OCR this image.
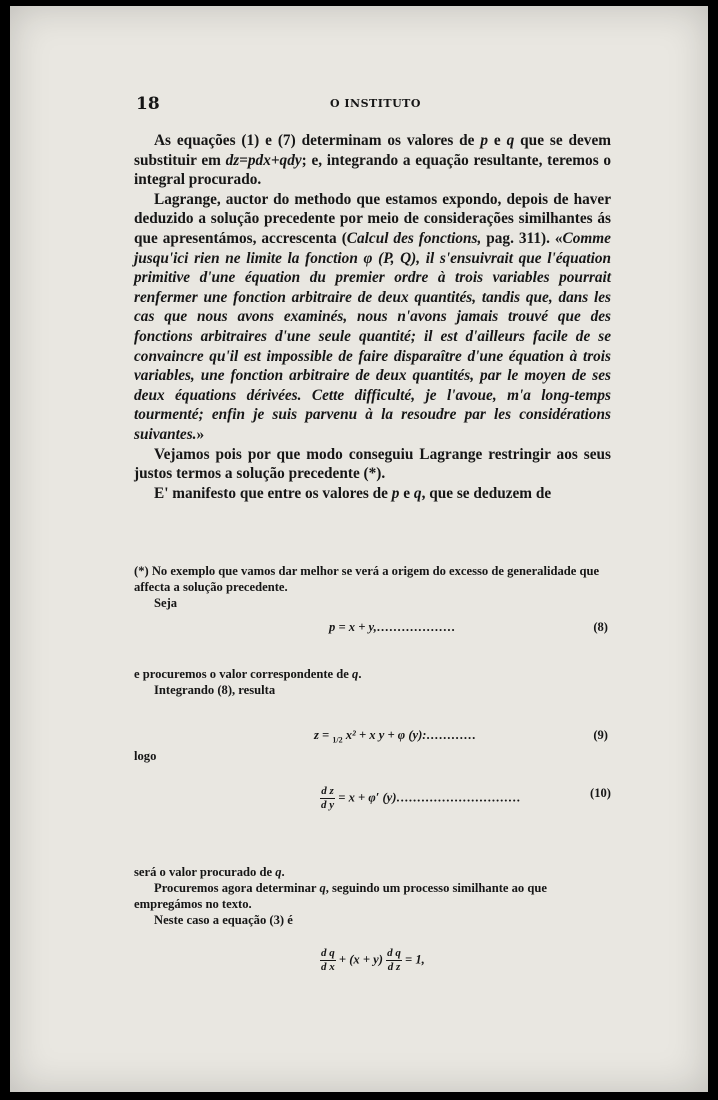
18	O INSTITUTO

As equações (1) e (7) determinam os valores de p e q que se devem substituir em dz=pdx+qdy; e, integrando a equação resultante, teremos o integral procurado.

Lagrange, auctor do methodo que estamos expondo, depois de haver deduzido a solução precedente por meio de considerações similhantes ás que apresentámos, accrescenta (Calcul des fonctions, pag. 311). «Comme jusqu'ici rien ne limite la fonction φ (P, Q), il s'ensuivrait que l'équation primitive d'une équation du premier ordre à trois variables pourrait renfermer une fonction arbitraire de deux quantités, tandis que, dans les cas que nous avons examinés, nous n'avons jamais trouvé que des fonctions arbitraires d'une seule quantité; il est d'ailleurs facile de se convaincre qu'il est impossible de faire disparaître d'une équation à trois variables, une fonction arbitraire de deux quantités, par le moyen de ses deux équations dérivées. Cette difficulté, je l'avoue, m'a long-temps tourmenté; enfin je suis parvenu à la resoudre par les considérations suivantes.»

Vejamos pois por que modo conseguiu Lagrange restringir aos seus justos termos a solução precedente (*).

E' manifesto que entre os valores de p e q, que se deduzem de

(*) No exemplo que vamos dar melhor se verá a origem do excesso de generalidade que affecta a solução precedente.

Seja

p = x + y,...................	(8)

e procuremos o valor correspondente de q.

Integrando (8), resulta

z = $_{1/2}$ x² + x y + φ (y):............	(9)

logo

$\frac{\text{d z}}{\text{d y}} = x + \varphi'$ (y)..............................	(10)

será o valor procurado de q.

Procuremos agora determinar q, seguindo um processo similhante ao que empregámos no texto.

Neste caso a equação (3) é

$\frac{\text{d q}}{\text{d x}} + (x + y) \frac{\text{d q}}{\text{d z}} = 1$,
